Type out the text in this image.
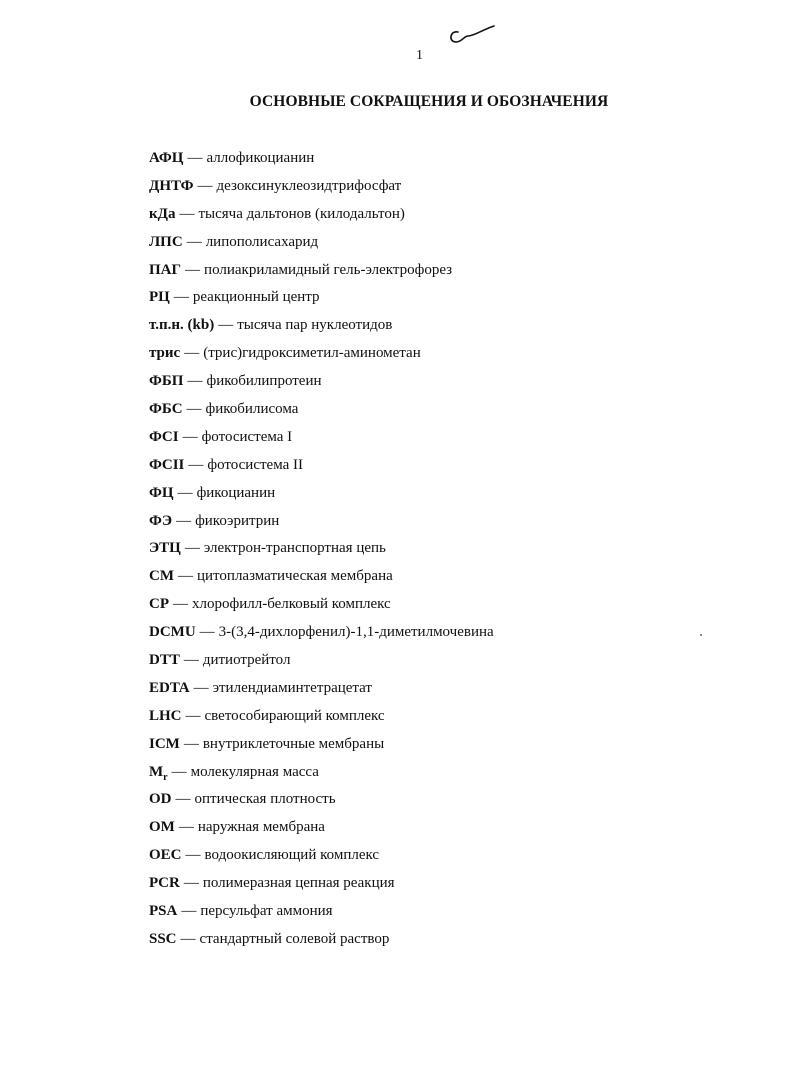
1
ОСНОВНЫЕ СОКРАЩЕНИЯ И ОБОЗНАЧЕНИЯ
АФЦ — аллофикоцианин
ДНТФ — дезоксинуклеозидтрифосфат
кДа — тысяча дальтонов (килодальтон)
ЛПС — липополисахарид
ПАГ — полиакриламидный гель-электрофорез
РЦ — реакционный центр
т.п.н. (kb) — тысяча пар нуклеотидов
трис — (трис)гидроксиметил-аминометан
ФБП — фикобилипротеин
ФБС — фикобилисома
ФСI — фотосистема I
ФСII — фотосистема II
ФЦ — фикоцианин
ФЭ — фикоэритрин
ЭТЦ — электрон-транспортная цепь
CM — цитоплазматическая мембрана
CP — хлорофилл-белковый комплекс
DCMU — 3-(3,4-дихлорфенил)-1,1-диметилмочевина
DTT — дитиотрейтол
EDTA — этилендиаминтетрацетат
LHC — светособирающий комплекс
ICM — внутриклеточные мембраны
$M_r$ — молекулярная масса
OD — оптическая плотность
OM — наружная мембрана
OEC — водоокисляющий комплекс
PCR — полимеразная цепная реакция
PSA — персульфат аммония
SSC — стандартный солевой раствор
